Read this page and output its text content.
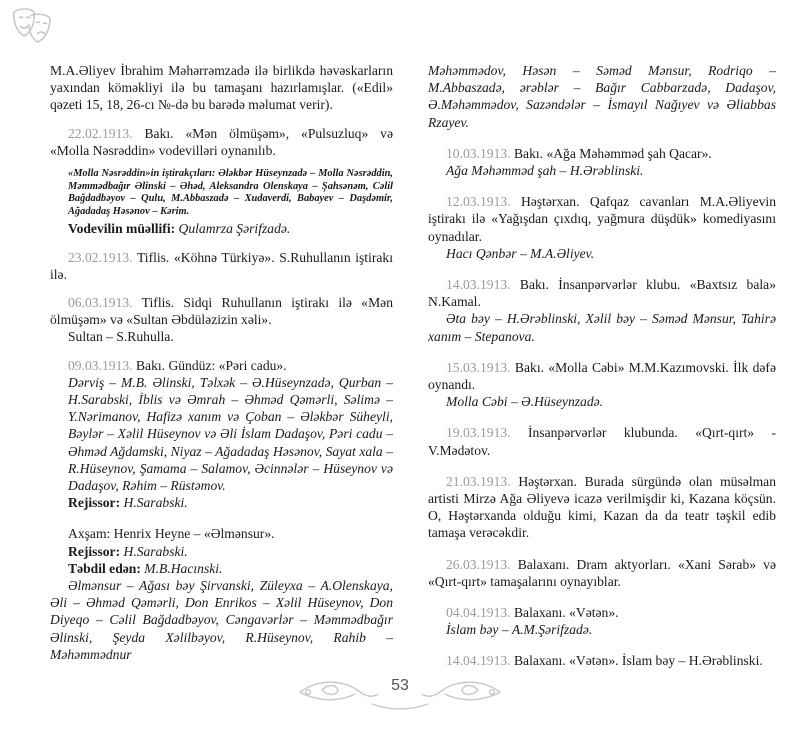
M.A.Əliyev İbrahim Məhərrəmzadə ilə birlikdə həvəskarların yaxından köməkliyi ilə bu tamaşanı hazırlamışlar. («Edil» qəzeti 15, 18, 26-cı №-də bu barədə məlumat verir).

22.02.1913. Bakı. «Mən ölmüşəm», «Pulsuzluq» və «Molla Nəsrəddin» vodevilləri oynanılıb.

«Molla Nəsrəddin»in iştirakçıları: Ələkbər Hüseynzadə – Molla Nəsrəddin, Məmmədbağır Əlinski – Əhəd, Aleksandra Olenskaya – Şahsənəm, Cəlil Bağdadbəyov – Qulu, M.Abbaszadə – Xudaverdi, Babayev – Daşdəmir, Ağadadaş Həsənov – Kərim.

Vodevilin müəllifi: Qulamrza Şərifzadə.

23.02.1913. Tiflis. «Köhnə Türkiyə». S.Ruhullanın iştirakı ilə.

06.03.1913. Tiflis. Sidqi Ruhullanın iştirakı ilə «Mən ölmüşəm» və «Sultan Əbdüləzizin xəli».

Sultan – S.Ruhulla.

09.03.1913. Bakı. Gündüz: «Pəri cadu».

Dərviş – M.B. Əlinski, Təlxək – Ə.Hüseynzadə, Qurban – H.Sarabski, İblis və Əmrah – Əhməd Qəmərli, Səlimə – Y.Nərimanov, Hafizə xanım və Çoban – Ələkbər Süheyli, Bəylər – Xəlil Hüseynov və Əli İslam Dadaşov, Pəri cadu – Əhməd Ağdamski, Niyaz – Ağadadaş Həsənov, Sayat xala – R.Hüseynov, Şamama – Salamov, Əcinnələr – Hüseynov və Dadaşov, Rəhim – Rüstəmov.

Rejissor: H.Sarabski.

Axşam: Henrix Heyne – «Əlmənsur».

Rejissor: H.Sarabski.

Təbdil edən: M.B.Hacınski.

Əlmənsur – Ağası bəy Şirvanski, Züleyxa – A.Olenskaya, Əli – Əhməd Qəmərli, Don Enrikos – Xəlil Hüseynov, Don Diyeqo – Cəlil Bağdadbəyov, Cəngavərlər – Məmmədbağır Əlinski, Şeyda Xəlilbəyov, R.Hüseynov, Rahib – Məhəmmədnur

Məhəmmədov, Həsən – Səməd Mənsur, Rodriqo – M.Abbaszadə, ərəblər – Bağır Cabbarzadə, Dadaşov, Ə.Məhəmmədov, Sazəndələr – İsmayıl Nağıyev və Əliabbas Rzayev.

10.03.1913. Bakı. «Ağa Məhəmməd şah Qacar».

Ağa Məhəmməd şah – H.Ərəblinski.

12.03.1913. Həştərxan. Qafqaz cavanları M.A.Əliyevin iştirakı ilə «Yağışdan çıxdıq, yağmura düşdük» komediyasını oynadılar.

Hacı Qənbər – M.A.Əliyev.

14.03.1913. Bakı. İnsanpərvərlər klubu. «Baxtsız bala» N.Kamal.

Əta bəy – H.Ərəblinski, Xəlil bəy – Səməd Mənsur, Tahirə xanım – Stepanova.

15.03.1913. Bakı. «Molla Cəbi» M.M.Kazımovski. İlk dəfə oynandı.

Molla Cəbi – Ə.Hüseynzadə.

19.03.1913. İnsanpərvərlər klubunda. «Qırt-qırt» - V.Mədətov.

21.03.1913. Həştərxan. Burada sürgündə olan müsəlman artisti Mirzə Ağa Əliyevə icazə verilmişdir ki, Kazana köçsün. O, Həştərxanda olduğu kimi, Kazan da da teatr təşkil edib tamaşa verəcəkdir.

26.03.1913. Balaxanı. Dram aktyorları. «Xani Sərab» və «Qırt-qırt» tamaşalarını oynayıblar.

04.04.1913. Balaxanı. «Vətən».

İslam bəy – A.M.Şərifzadə.

14.04.1913. Balaxanı. «Vətən». İslam bəy – H.Ərəblinski.

53
